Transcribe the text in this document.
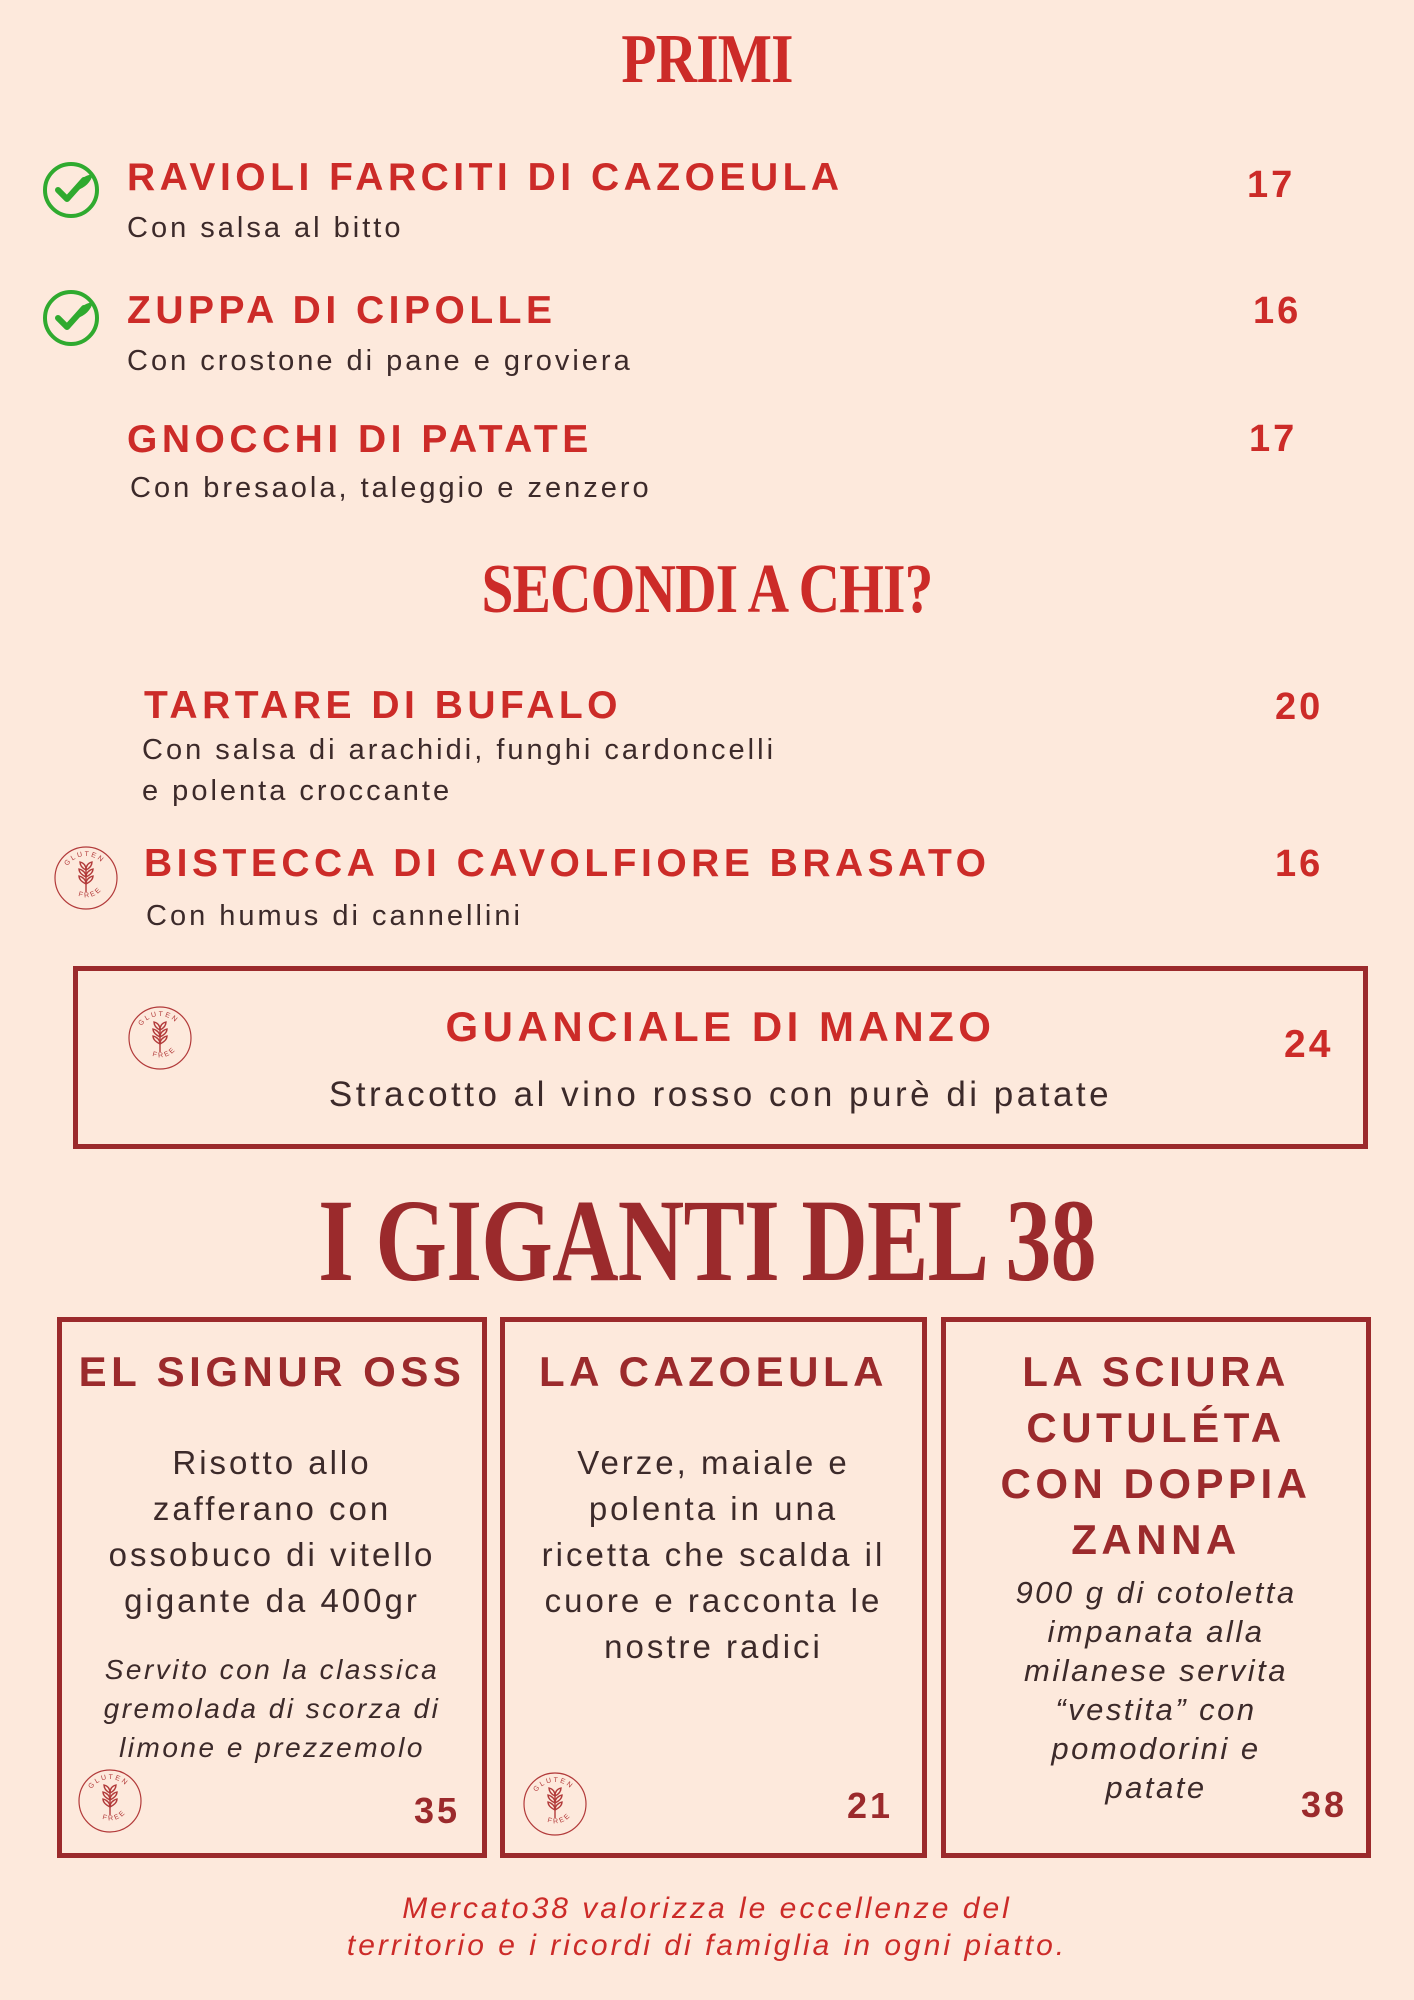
PRIMI
RAVIOLI FARCITI DI CAZOEULA
Con salsa al bitto
17
ZUPPA DI CIPOLLE
Con crostone di pane e groviera
16
GNOCCHI DI PATATE
Con bresaola, taleggio e zenzero
17
SECONDI A CHI?
TARTARE DI BUFALO
Con salsa di arachidi, funghi cardoncelli
e polenta croccante
20
GLUTEN
FREE
BISTECCA DI CAVOLFIORE BRASATO
Con humus di cannellini
16
GLUTEN
FREE
GUANCIALE DI MANZO
Stracotto al vino rosso con purè di patate
24
I GIGANTI DEL 38
EL SIGNUR OSS
Risotto allo
zafferano con
ossobuco di vitello
gigante da 400gr
Servito con la classica
gremolada di scorza di
limone e prezzemolo
GLUTEN
FREE	35
LA CAZOEULA
Verze, maiale e
polenta in una
ricetta che scalda il
cuore e racconta le
nostre radici
GLUTEN
FREE	21
LA SCIURA
CUTULÉTA
CON DOPPIA
ZANNA
900 g di cotoletta
impanata alla
milanese servita
“vestita” con
pomodorini e
patate	38
Mercato38 valorizza le eccellenze del
territorio e i ricordi di famiglia in ogni piatto.
